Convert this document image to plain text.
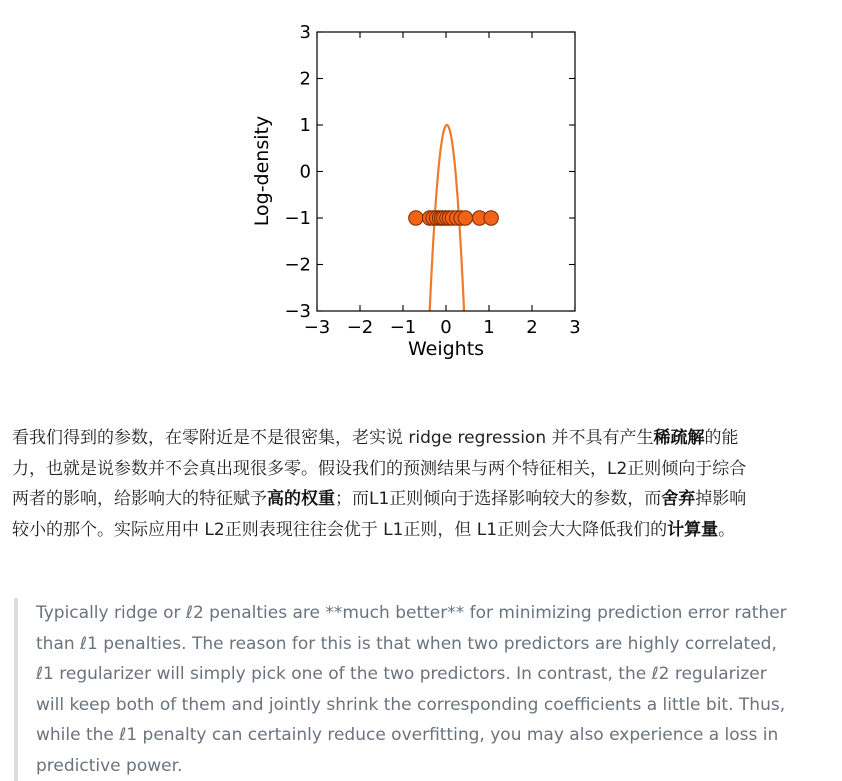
−3 −2 −1 0 1 2 3
−3
−2
−1
0
1
2
3
Weights
Log-density

看我们得到的参数，在零附近是不是很密集，老实说 ridge regression 并不具有产生稀疏解的能
力，也就是说参数并不会真出现很多零。假设我们的预测结果与两个特征相关，L2正则倾向于综合
两者的影响，给影响大的特征赋予高的权重；而L1正则倾向于选择影响较大的参数，而舍弃掉影响
较小的那个。实际应用中 L2正则表现往往会优于 L1正则，但 L1正则会大大降低我们的计算量。

Typically ridge or ℓ2 penalties are **much better** for minimizing prediction error rather

than ℓ1 penalties. The reason for this is that when two predictors are highly correlated,

ℓ1 regularizer will simply pick one of the two predictors. In contrast, the ℓ2 regularizer

will keep both of them and jointly shrink the corresponding coefficients a little bit. Thus,

while the ℓ1 penalty can certainly reduce overfitting, you may also experience a loss in

predictive power.
